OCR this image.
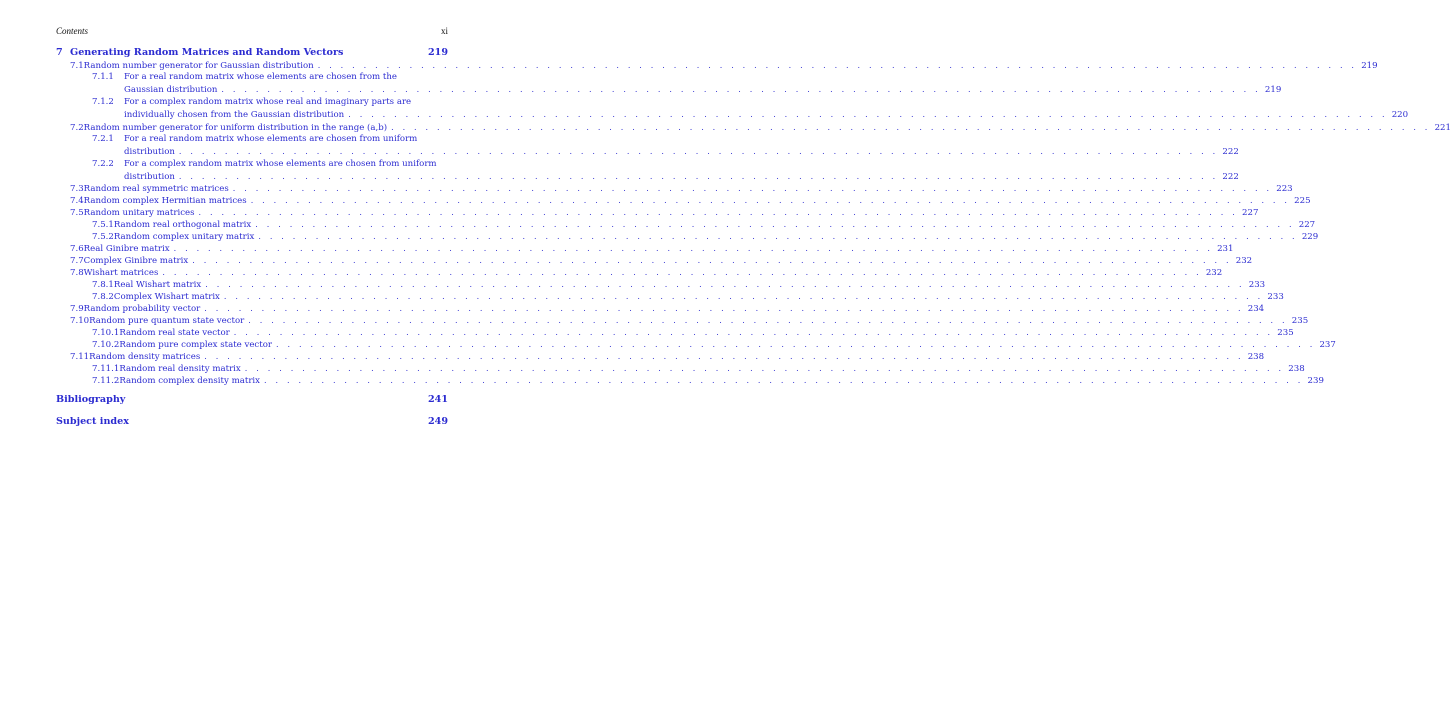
Contents	xi
7 Generating Random Matrices and Random Vectors	219
7.1 Random number generator for Gaussian distribution . . .	219
7.1.1 For a real random matrix whose elements are chosen from the
Gaussian distribution . . .	219
7.1.2 For a complex random matrix whose real and imaginary parts are
individually chosen from the Gaussian distribution . . .	220
7.2 Random number generator for uniform distribution in the range (a,b) . . .	221
7.2.1 For a real random matrix whose elements are chosen from uniform
distribution . . .	222
7.2.2 For a complex random matrix whose elements are chosen from uniform
distribution . . .	222
7.3 Random real symmetric matrices . . .	223
7.4 Random complex Hermitian matrices . . .	225
7.5 Random unitary matrices . . .	227
7.5.1 Random real orthogonal matrix . . .	227
7.5.2 Random complex unitary matrix . . .	229
7.6 Real Ginibre matrix . . .	231
7.7 Complex Ginibre matrix . . .	232
7.8 Wishart matrices . . .	232
7.8.1 Real Wishart matrix . . .	233
7.8.2 Complex Wishart matrix . . .	233
7.9 Random probability vector . . .	234
7.10 Random pure quantum state vector . . .	235
7.10.1 Random real state vector . . .	235
7.10.2 Random pure complex state vector . . .	237
7.11 Random density matrices . . .	238
7.11.1 Random real density matrix . . .	238
7.11.2 Random complex density matrix . . .	239
Bibliography	241
Subject index	249
